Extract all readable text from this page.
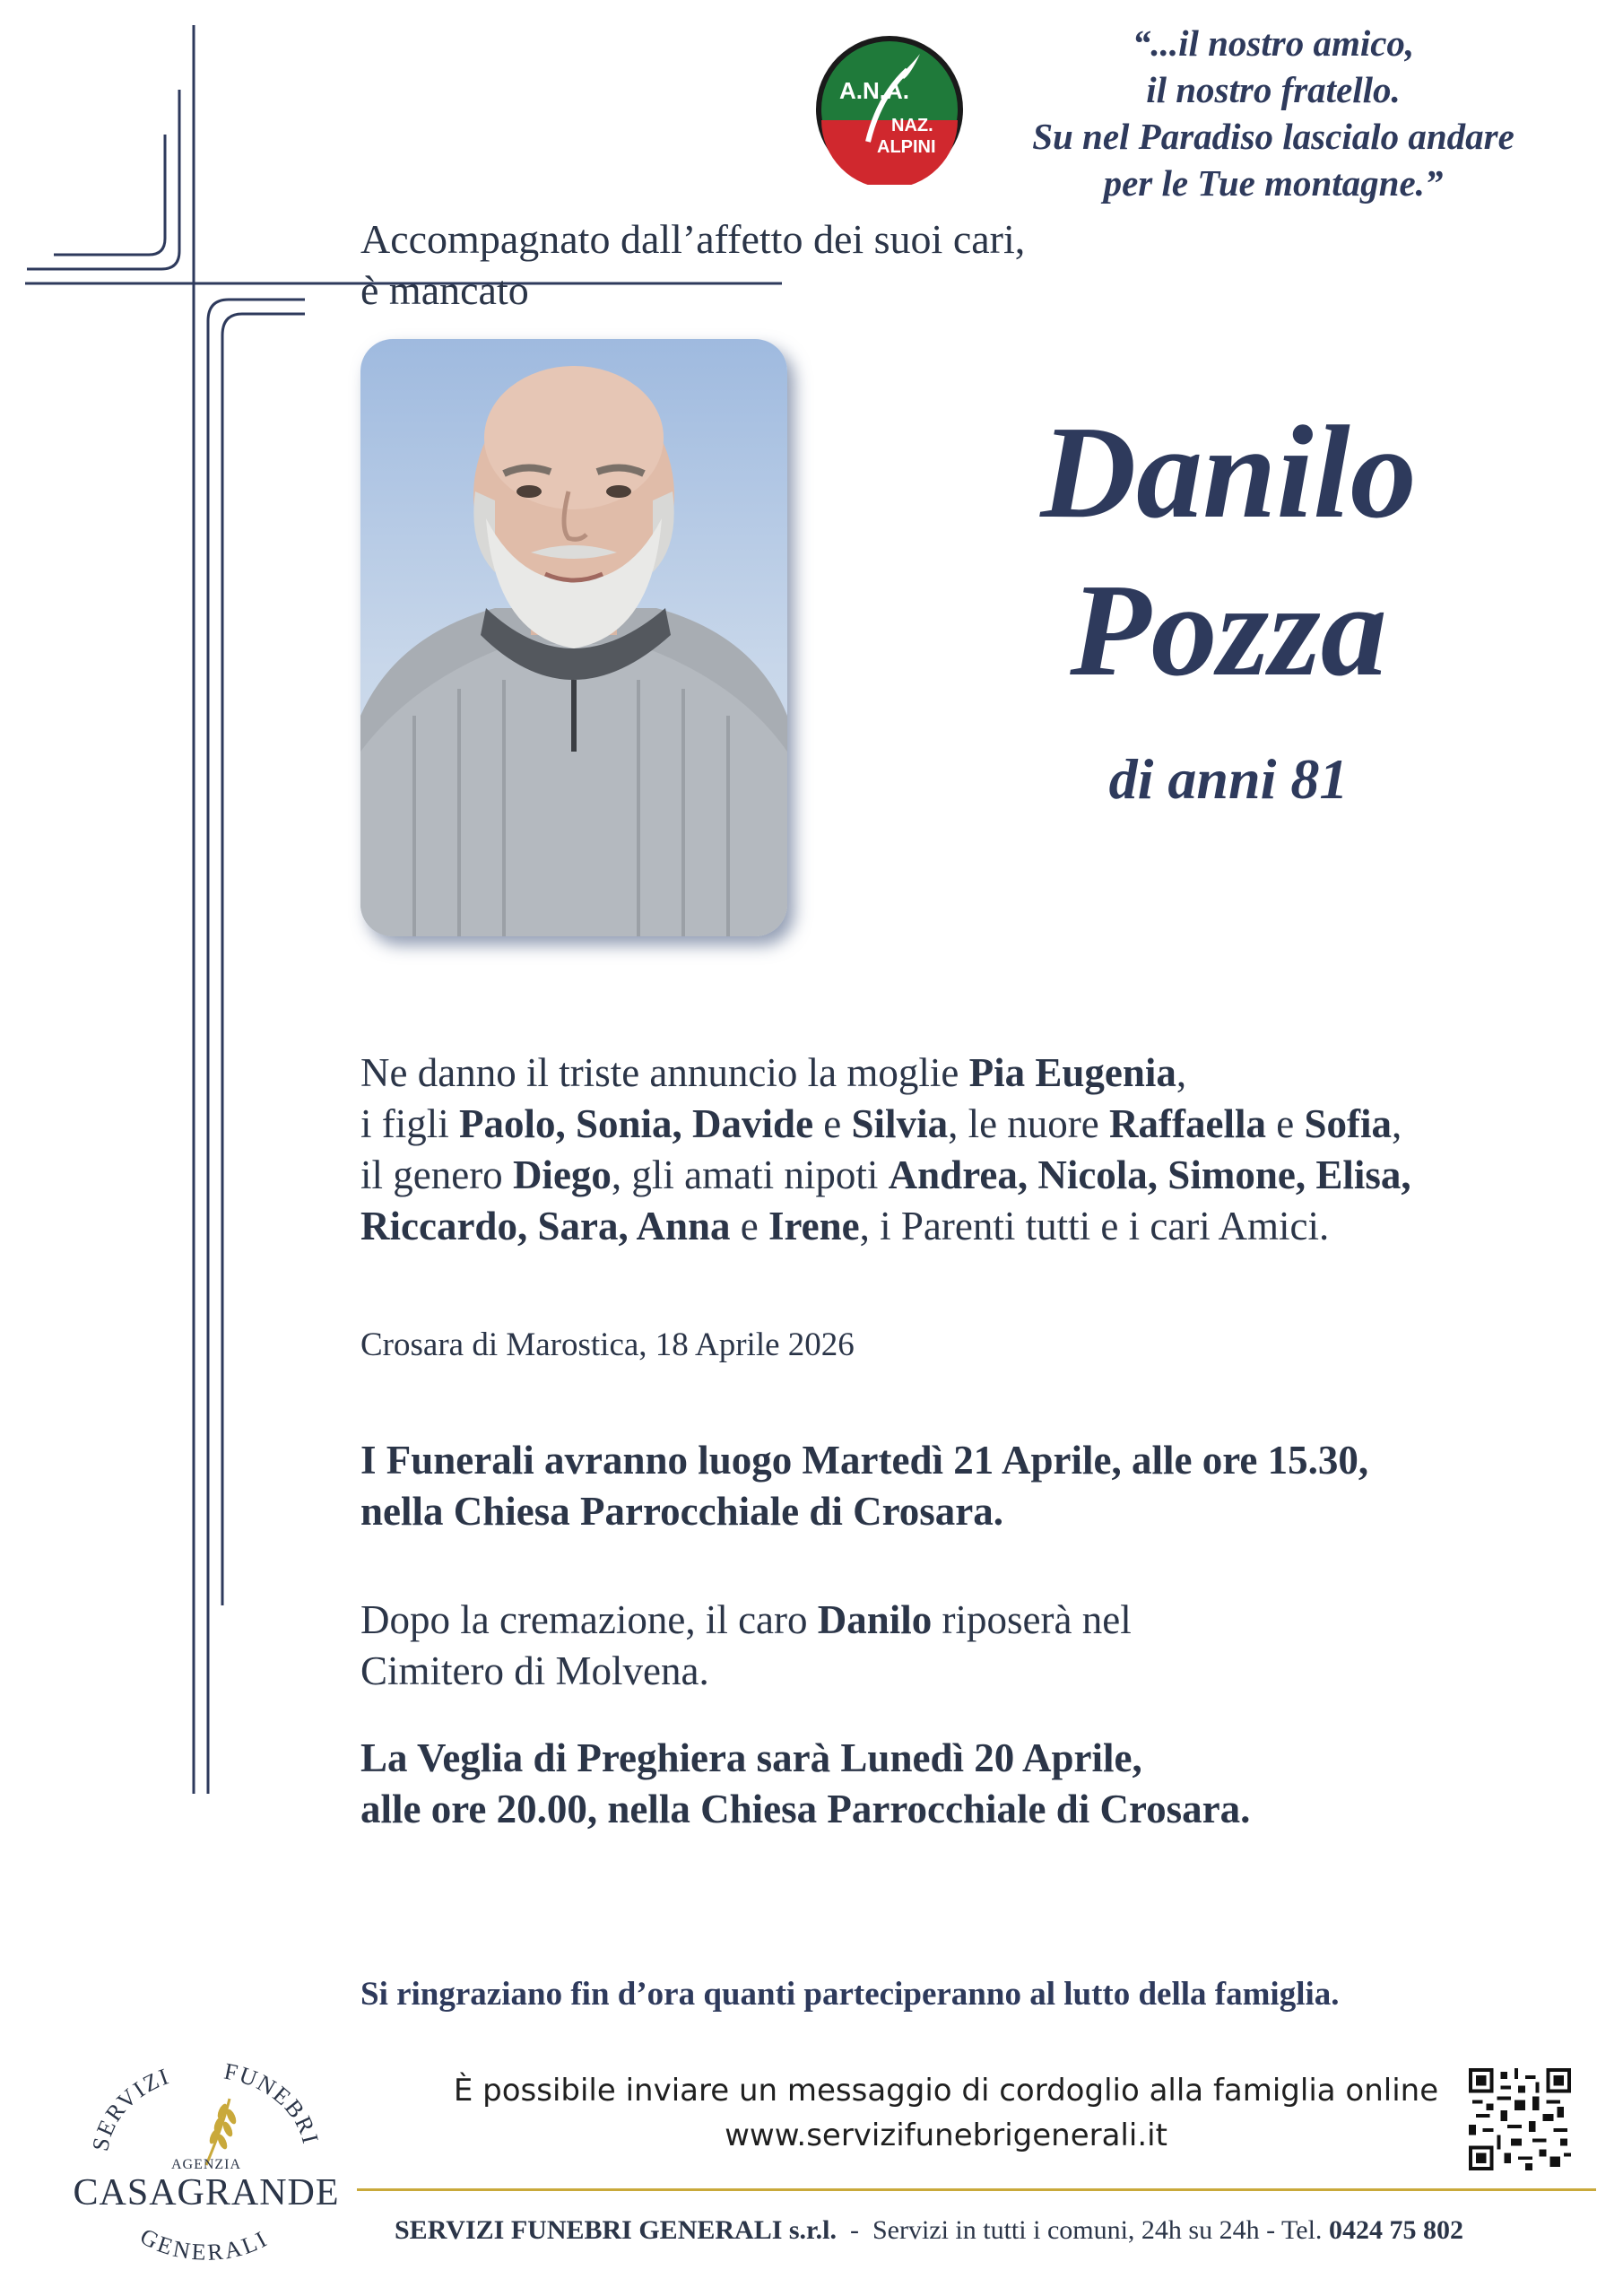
A.N.A.
NAZ.
ALPINI
“...il nostro amico,
il nostro fratello.
Su nel Paradiso lascialo andare
per le Tue montagne.”
Accompagnato dall’affetto dei suoi cari,
è mancato
Danilo
Pozza
di anni 81
Ne danno il triste annuncio la moglie Pia Eugenia,
i figli Paolo, Sonia, Davide e Silvia, le nuore Raffaella e Sofia,
il genero Diego, gli amati nipoti Andrea, Nicola, Simone, Elisa,
Riccardo, Sara, Anna e Irene, i Parenti tutti e i cari Amici.
Crosara di Marostica, 18 Aprile 2026
I Funerali avranno luogo Martedì 21 Aprile, alle ore 15.30,
nella Chiesa Parrocchiale di Crosara.
Dopo la cremazione, il caro Danilo riposerà nel
Cimitero di Molvena.
La Veglia di Preghiera sarà Lunedì 20 Aprile,
alle ore 20.00, nella Chiesa Parrocchiale di Crosara.
Si ringraziano fin d’ora quanti parteciperanno al lutto della famiglia.
È possibile inviare un messaggio di cordoglio alla famiglia online
www.servizifunebrigenerali.it
SERVIZI FUNEBRI GENERALI s.r.l.  -  Servizi in tutti i comuni, 24h su 24h - Tel. 0424 75 802
SERVIZI FUNEBRI
AGENZIA
CASAGRANDE
GENERALI
